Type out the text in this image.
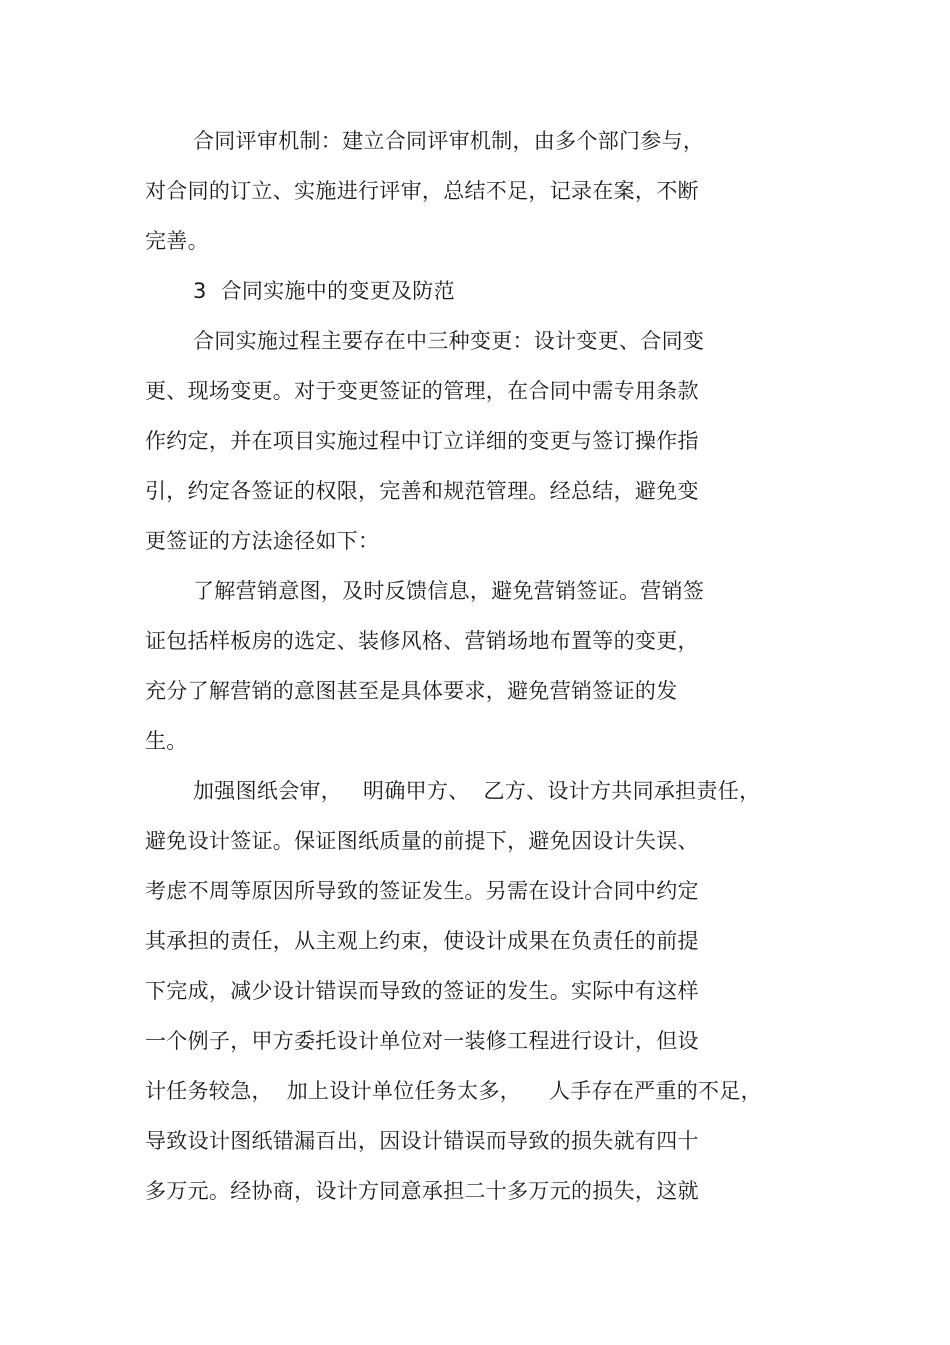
合同评审机制：建立合同评审机制，由多个部门参与，
对合同的订立、实施进行评审，总结不足，记录在案，不断
完善。
3  合同实施中的变更及防范
合同实施过程主要存在中三种变更：设计变更、合同变
更、现场变更。对于变更签证的管理，在合同中需专用条款
作约定，并在项目实施过程中订立详细的变更与签订操作指
引，约定各签证的权限，完善和规范管理。经总结，避免变
更签证的方法途径如下：
了解营销意图，及时反馈信息，避免营销签证。营销签
证包括样板房的选定、装修风格、营销场地布置等的变更，
充分了解营销的意图甚至是具体要求，避免营销签证的发
生。
加强图纸会审，   明确甲方、  乙方、设计方共同承担责任，
避免设计签证。保证图纸质量的前提下，避免因设计失误、
考虑不周等原因所导致的签证发生。另需在设计合同中约定
其承担的责任，从主观上约束，使设计成果在负责任的前提
下完成，减少设计错误而导致的签证的发生。实际中有这样
一个例子，甲方委托设计单位对一装修工程进行设计，但设
计任务较急，  加上设计单位任务太多，    人手存在严重的不足，
导致设计图纸错漏百出，因设计错误而导致的损失就有四十
多万元。经协商，设计方同意承担二十多万元的损失，这就
